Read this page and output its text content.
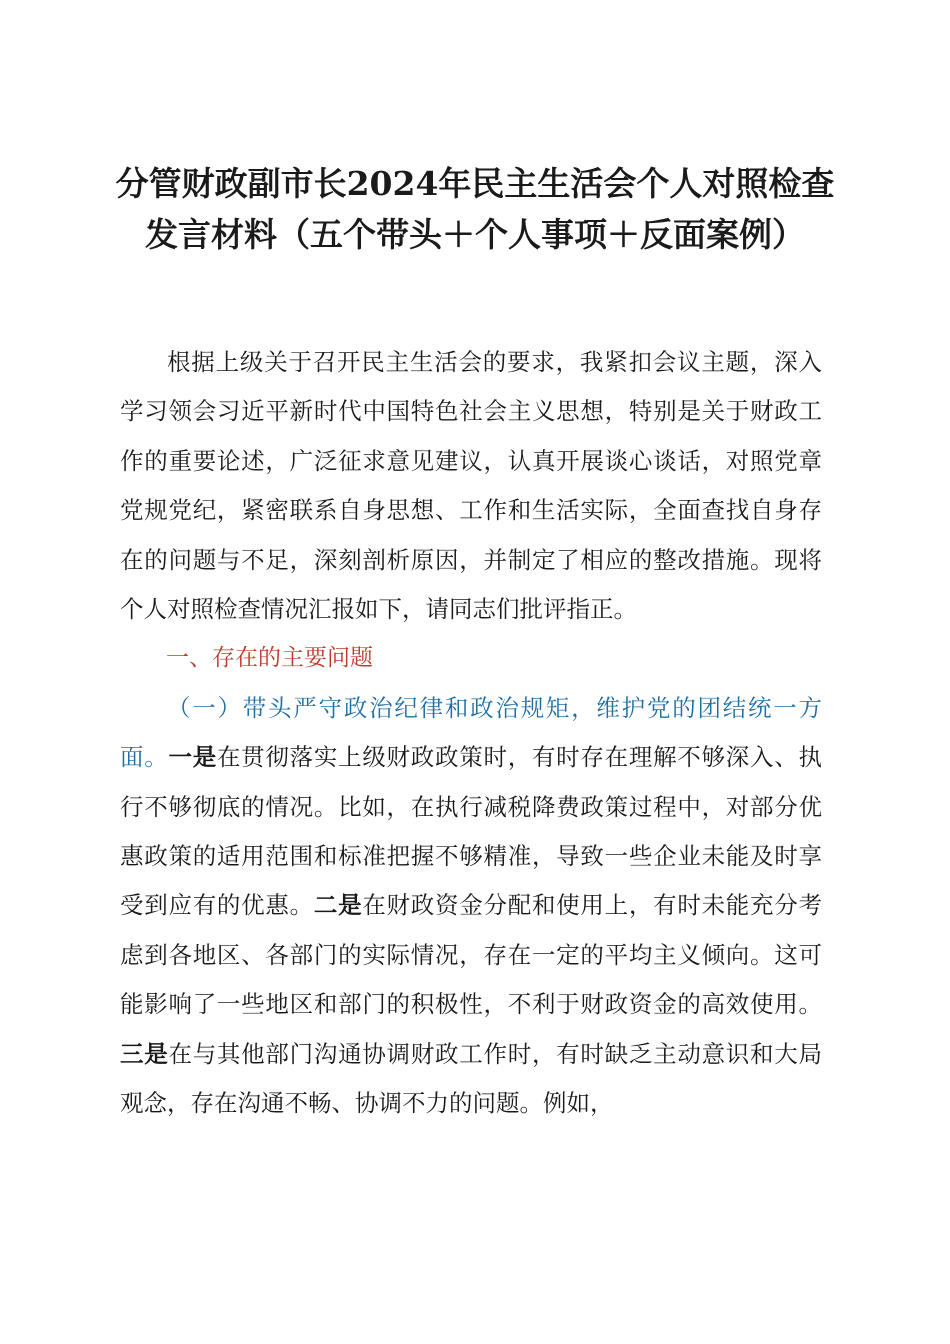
分管财政副市长2024年民主生活会个人对照检查发言材料（五个带头＋个人事项＋反面案例）

根据上级关于召开民主生活会的要求，我紧扣会议主题，深入学习领会习近平新时代中国特色社会主义思想，特别是关于财政工作的重要论述，广泛征求意见建议，认真开展谈心谈话，对照党章党规党纪，紧密联系自身思想、工作和生活实际，全面查找自身存在的问题与不足，深刻剖析原因，并制定了相应的整改措施。现将个人对照检查情况汇报如下，请同志们批评指正。

一、存在的主要问题

（一）带头严守政治纪律和政治规矩，维护党的团结统一方面。一是在贯彻落实上级财政政策时，有时存在理解不够深入、执行不够彻底的情况。比如，在执行减税降费政策过程中，对部分优惠政策的适用范围和标准把握不够精准，导致一些企业未能及时享受到应有的优惠。二是在财政资金分配和使用上，有时未能充分考虑到各地区、各部门的实际情况，存在一定的平均主义倾向。这可能影响了一些地区和部门的积极性，不利于财政资金的高效使用。三是在与其他部门沟通协调财政工作时，有时缺乏主动意识和大局观念，存在沟通不畅、协调不力的问题。例如，
